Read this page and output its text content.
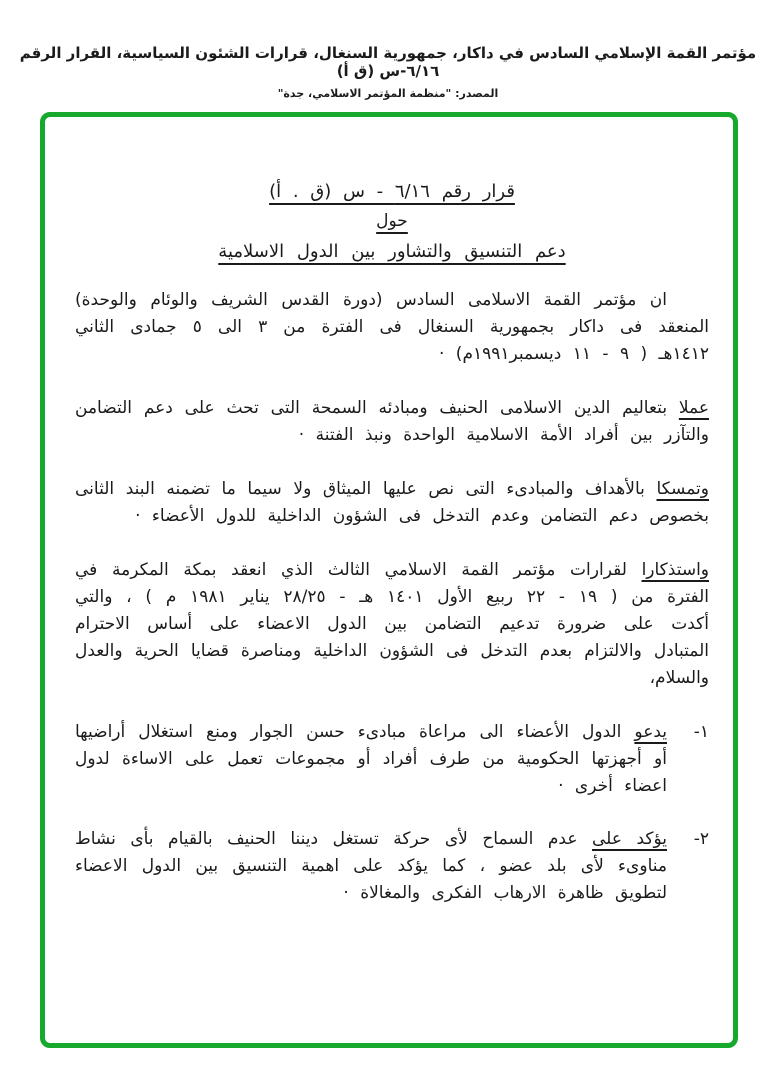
مؤتمر القمة الإسلامي السادس في داكار، جمهورية السنغال، قرارات الشئون السياسية، القرار الرقم ٦/١٦-س (ق أ)
المصدر: "منظمة المؤتمر الاسلامي، جدة"
قرار رقم ٦/١٦ - س (ق . أ)
حول
دعم التنسيق والتشاور بين الدول الاسلامية

ان مؤتمر القمة الاسلامى السادس (دورة القدس الشريف والوئام والوحدة) المنعقد فى داكار بجمهورية السنغال فى الفترة من ٣ الى ٥ جمادى الثاني ١٤١٢هـ ( ٩ - ١١ ديسمبر١٩٩١م) ·

عملا بتعاليم الدين الاسلامى الحنيف ومبادئه السمحة التى تحث على دعم التضامن والتآزر بين أفراد الأمة الاسلامية الواحدة ونبذ الفتنة ·

وتمسكا بالأهداف والمبادىء التى نص عليها الميثاق ولا سيما ما تضمنه البند الثانى بخصوص دعم التضامن وعدم التدخل فى الشؤون الداخلية للدول الأعضاء ·

واستذكارا لقرارات مؤتمر القمة الاسلامي الثالث الذي انعقد بمكة المكرمة في الفترة من ( ١٩ - ٢٢ ربيع الأول ١٤٠١ هـ - ٢٨/٢٥ يناير ١٩٨١ م ) ، والتي أكدت على ضرورة تدعيم التضامن بين الدول الاعضاء على أساس الاحترام المتبادل والالتزام بعدم التدخل فى الشؤون الداخلية ومناصرة قضايا الحرية والعدل والسلام،

١-

يدعو الدول الأعضاء الى مراعاة مبادىء حسن الجوار ومنع استغلال أراضيها أو أجهزتها الحكومية من طرف أفراد أو مجموعات تعمل على الاساءة لدول اعضاء أخرى ·

٢-

يؤكد على عدم السماح لأى حركة تستغل ديننا الحنيف بالقيام بأى نشاط مناوىء لأى بلد عضو ، كما يؤكد على اهمية التنسيق بين الدول الاعضاء لتطويق ظاهرة الارهاب الفكرى والمغالاة ·
